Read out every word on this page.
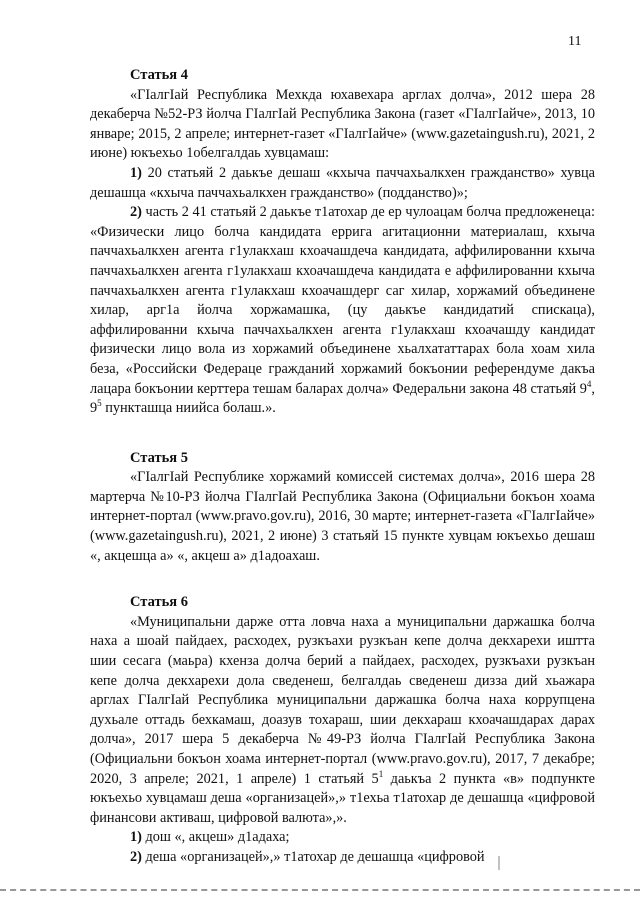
11
Статья 4

«ГӀалгӀай Республика Мехкда юхавехара арглах долча», 2012 шера 28 декаберчa №52-РЗ йолча ГӀалгӀай Республика Закона (газет «ГӀалгӀайче», 2013, 10 январе; 2015, 2 апреле; интернет-газет «ГӀалгӀайче» (www.gazetaingush.ru), 2021, 2 июне) юкъехьо 1обелгалдаь хувцамаш:

1) 20 статьяй 2 даькъе дешаш «кхыча паччахьалкхен гражданство» хувца дешашца «кхыча паччахьалкхен гражданство» (подданство)»;

2) часть 2 41 статьяй 2 даькъе т1атохар де ер чулоацам болча предложенеца: «Физически лицо болча кандидата ерригa агитационни материалаш, кхыча паччахьалкхен агента г1улакхаш кхоачашдеча кандидата, аффилированни кхыча паччахьалкхен агента г1улакхаш кхоачашдеча кандидата е аффилированни кхыча паччахьалкхен агента г1улакхаш кхоачашдерг саг хилар, хоржамий объединене хилар, арг1а йолча хоржамашка, (цу даькъе кандидатий спискаца), аффилированни кхыча паччахьалкхен агента г1улакхаш кхоачашду кандидат физически лицо вола из хоржамий объединене хьалхататтарах бола хоам хила беза, «Российски Федераце гражданий хоржамий бокъонии референдуме дакъа лацара бокъонии керттера тешам баларах долча» Федеральни закона 48 статьяй $9^4$, $9^5$ пункташца ниийса болаш.».

Статья 5

«ГӀалгӀай Республике хоржамий комиссей системах долча», 2016 шера 28 мартерча №10-РЗ йолча ГӀалгӀай Республика Закона (Официальни бокъон хоама интернет-портал (www.pravo.gov.ru), 2016, 30 марте; интернет-газета «ГӀалгӀайче» (www.gazetaingush.ru), 2021, 2 июне) 3 статьяй 15 пункте хувцам юкъехьо дешаш «, акцешца а» «, акцеш а» д1адоахаш.

Статья 6

«Муниципальни дарже отта ловча наха а муниципальни даржашка болча наха а шоай пайдаех, расходех, рузкъахи рузкъан кепе долча декхарехи иштта шии сесага (маьра) кхенза долча берий а пайдаех, расходех, рузкъахи рузкъан кепе долча декхарехи дола сведенеш, белгалдаь сведенеш дизза дий хьажара арглах ГӀалгӀай Республика муниципальни даржашка болча наха коррупцена духьале оттадь бехкамаш, доазув тохараш, шии декхараш кхоачашдарах дарах долча», 2017 шера 5 декаберчa №49-РЗ йолча ГӀалгӀай Республика Закона (Официальни бокъон хоама интернет-портал (www.pravo.gov.ru), 2017, 7 декабре; 2020, 3 апреле; 2021, 1 апреле) 1 статьяй $5^1$ даькъа 2 пункта «в» подпункте юкъехьо хувцамаш деша «организацей»,» т1ехьа т1атохар де дешашца «цифровой финансови активаш, цифровой валюта»,».

1) дош «, акцеш» д1адаха;

2) деша «организацей»,» т1атохар де дешашца «цифровой
